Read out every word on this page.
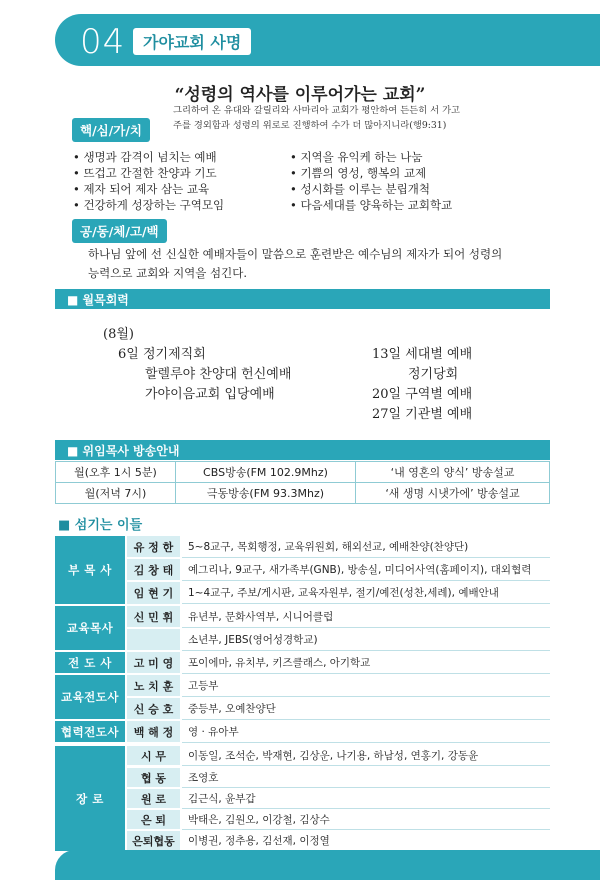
04	가야교회 사명
“성령의 역사를 이루어가는 교회”
그리하여 온 유대와 갈릴리와 사마리아 교회가 평안하여 든든히 서 가고
주를 경외함과 성령의 위로로 진행하여 수가 더 많아지니라(행9:31)
핵/심/가/치
• 생명과 감격이 넘치는 예배
• 뜨겁고 간절한 찬양과 기도
• 제자 되어 제자 삼는 교육
• 건강하게 성장하는 구역모임
• 지역을 유익케 하는 나눔
• 기쁨의 영성, 행복의 교제
• 성시화를 이루는 분립개척
• 다음세대를 양육하는 교회학교
공/동/체/고/백
하나님 앞에 선 신실한 예배자들이 말씀으로 훈련받은 예수님의 제자가 되어 성령의
능력으로 교회와 지역을 섬긴다.
■ 월목회력
(8월)
6일 정기제직회
할렐루야 찬양대 헌신예배
가야이음교회 입당예배
13일 세대별 예배
정기당회
20일 구역별 예배
27일 기관별 예배
■ 위임목사 방송안내
월(오후 1시 5분)	CBS방송(FM 102.9Mhz)	‘내 영혼의 양식’ 방송설교
월(저녁 7시)	극동방송(FM 93.3Mhz)	‘새 생명 시냇가에’ 방송설교
■ 섬기는 이들
부 목 사
유 정 한	5~8교구, 목회행정, 교육위원회, 해외선교, 예배찬양(찬양단)
김 창 태	예그리나, 9교구, 새가족부(GNB), 방송실, 미디어사역(홈페이지), 대외협력
임 현 기	1~4교구, 주보/게시판, 교육자원부, 절기/예전(성찬,세례), 예배안내
교육목사
신 민 휘	유년부, 문화사역부, 시니어클럽
소년부, JEBS(영어성경학교)
전 도 사	고 미 영	포이에마, 유치부, 키즈클래스, 아기학교
교육전도사
노 치 훈	고등부
신 승 호	중등부, 오예찬양단
협력전도사	백 해 정	영 · 유아부
장 로
시 무	이동일, 조석순, 박재현, 김상운, 나기용, 하남성, 연홍기, 강동윤
협 동	조영호
원 로	김근식, 윤부갑
은 퇴	박태은, 김원오, 이강철, 김상수
은퇴협동	이병권, 정추용, 김선재, 이정열
